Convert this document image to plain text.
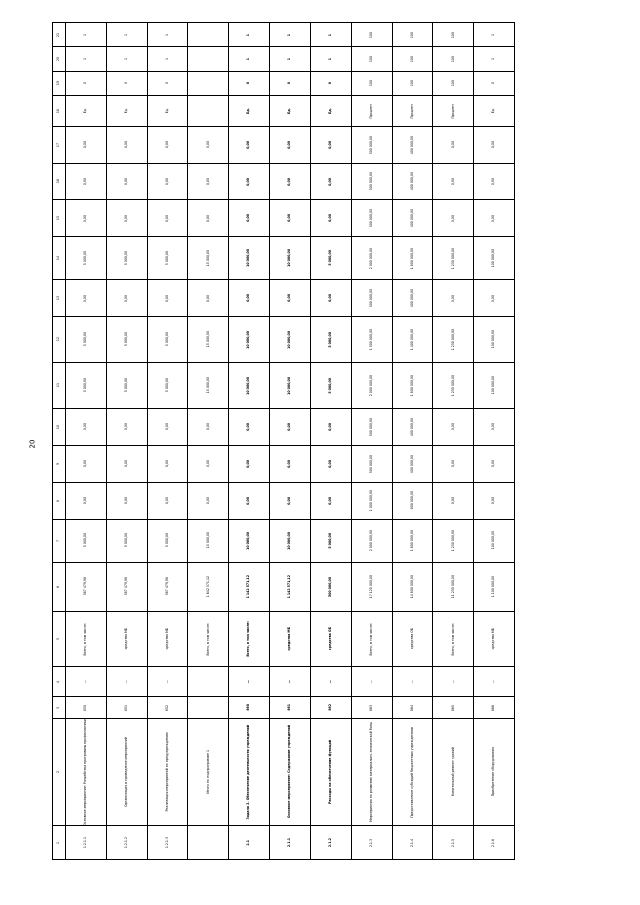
20
21	1	1	1		1	1	1	100	100	100	1

20	1	1	1		1	1	1	100	100	100	1

19	0	0	0		0	0	0	100	100	100	0

18	Ед.	Ед.	Ед.		Ед.	Ед.	Ед.	Процент	Процент	Процент	Ед.

17	0,00	0,00	0,00	0,00	0,00	0,00	0,00	500 000,00	400 000,00	0,00	0,00

16	0,00	0,00	0,00	0,00	0,00	0,00	0,00	500 000,00	400 000,00	0,00	0,00

15	0,00	0,00	0,00	0,00	0,00	0,00	0,00	500 000,00	400 000,00	0,00	0,00

14	5 000,00	5 000,00	5 000,00	15 000,00	10 000,00	10 000,00	5 000,00	2 000 000,00	1 800 000,00	1 230 000,00	100 000,00

13	0,00	0,00	0,00	0,00	0,00	0,00	0,00	500 000,00	400 000,00	0,00	0,00

12	5 000,00	5 000,00	5 000,00	15 000,00	10 000,00	10 000,00	5 000,00	1 500 000,00	1 400 000,00	1 230 000,00	100 000,00

11	5 000,00	5 000,00	5 000,00	15 000,00	10 000,00	10 000,00	5 000,00	2 000 000,00	1 800 000,00	1 230 000,00	100 000,00

10	0,00	0,00	0,00	0,00	0,00	0,00	0,00	500 000,00	400 000,00	0,00	0,00

9	0,00	0,00	0,00	0,00	0,00	0,00	0,00	500 000,00	400 000,00	0,00	0,00

8	0,00	0,00	0,00	0,00	0,00	0,00	0,00	1 000 000,00	800 000,00	0,00	0,00

7	5 000,00	5 000,00	5 000,00	15 000,00	10 000,00	10 000,00	5 000,00	2 000 000,00	1 800 000,00	1 230 000,00	100 000,00

6	587 479,98	587 479,98	587 479,98	1 642 571,12	1 142 571,12	1 142 571,12	500 000,00	17 120 000,00	14 800 000,00	11 230 000,00	1 100 000,00

5	Всего, в том числе:	средства МБ	средства МБ	Всего, в том числе:	Всего, в том числе:	средства МБ	средства ОБ	Всего, в том числе:	средства ОБ	Всего, в том числе:	средства МБ

4	—	—	—		—	—	—	—	—	—	—

3	850	851	852		860	861	862	863	864	865	866

2	Основное мероприятие: Разработка программы профилактики	Организация и проведение мероприятий	Реализация мероприятий по предупреждению	Итого по подпрограмме 1	Задача 2. Обеспечение деятельности учреждений	Основное мероприятие: Содержание учреждений	Расходы на обеспечение функций	Мероприятия по развитию материально-технической базы	Предоставление субсидий бюджетным учреждениям	Капитальный ремонт зданий	Приобретение оборудования

1	1.2.1.1	1.2.1.2	1.2.1.3		2.1	2.1.1	2.1.2	2.1.3	2.1.4	2.1.5	2.1.6
